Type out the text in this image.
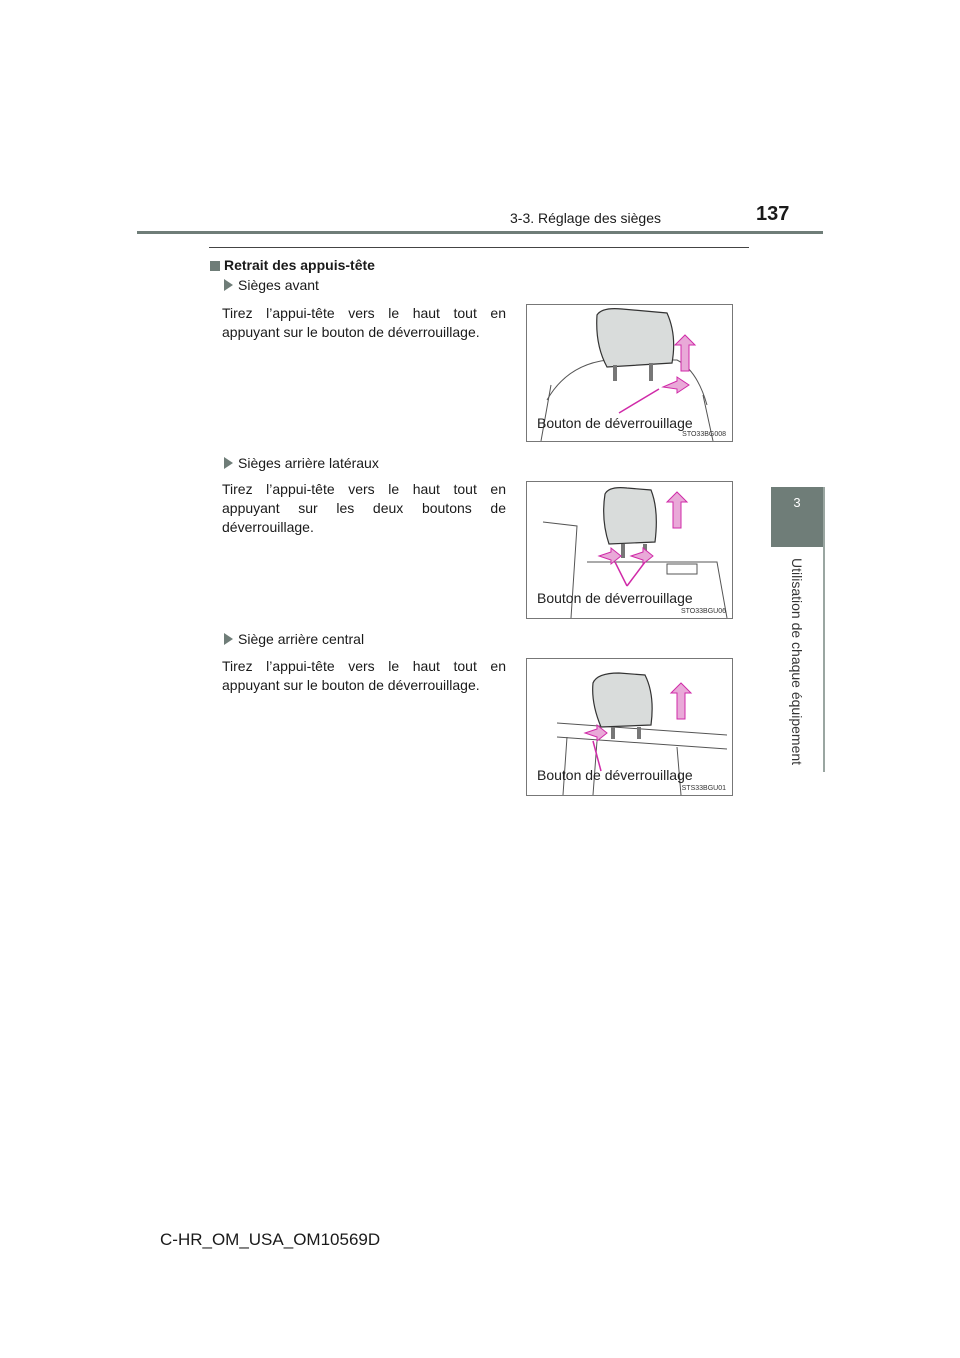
3-3. Réglage des sièges	137
3
Utilisation de chaque équipement
Retrait des appuis-tête
Sièges avant
Tirez l’appui-tête vers le haut tout en appuyant sur le bouton de déverrouillage.
Bouton de déverrouillage
STO33BG008
Sièges arrière latéraux
Tirez l’appui-tête vers le haut tout en appuyant sur les deux boutons de déverrouillage.
Bouton de déverrouillage
STO33BGU06
Siège arrière central
Tirez l’appui-tête vers le haut tout en appuyant sur le bouton de déverrouillage.
Bouton de déverrouillage
STS33BGU01
C-HR_OM_USA_OM10569D
